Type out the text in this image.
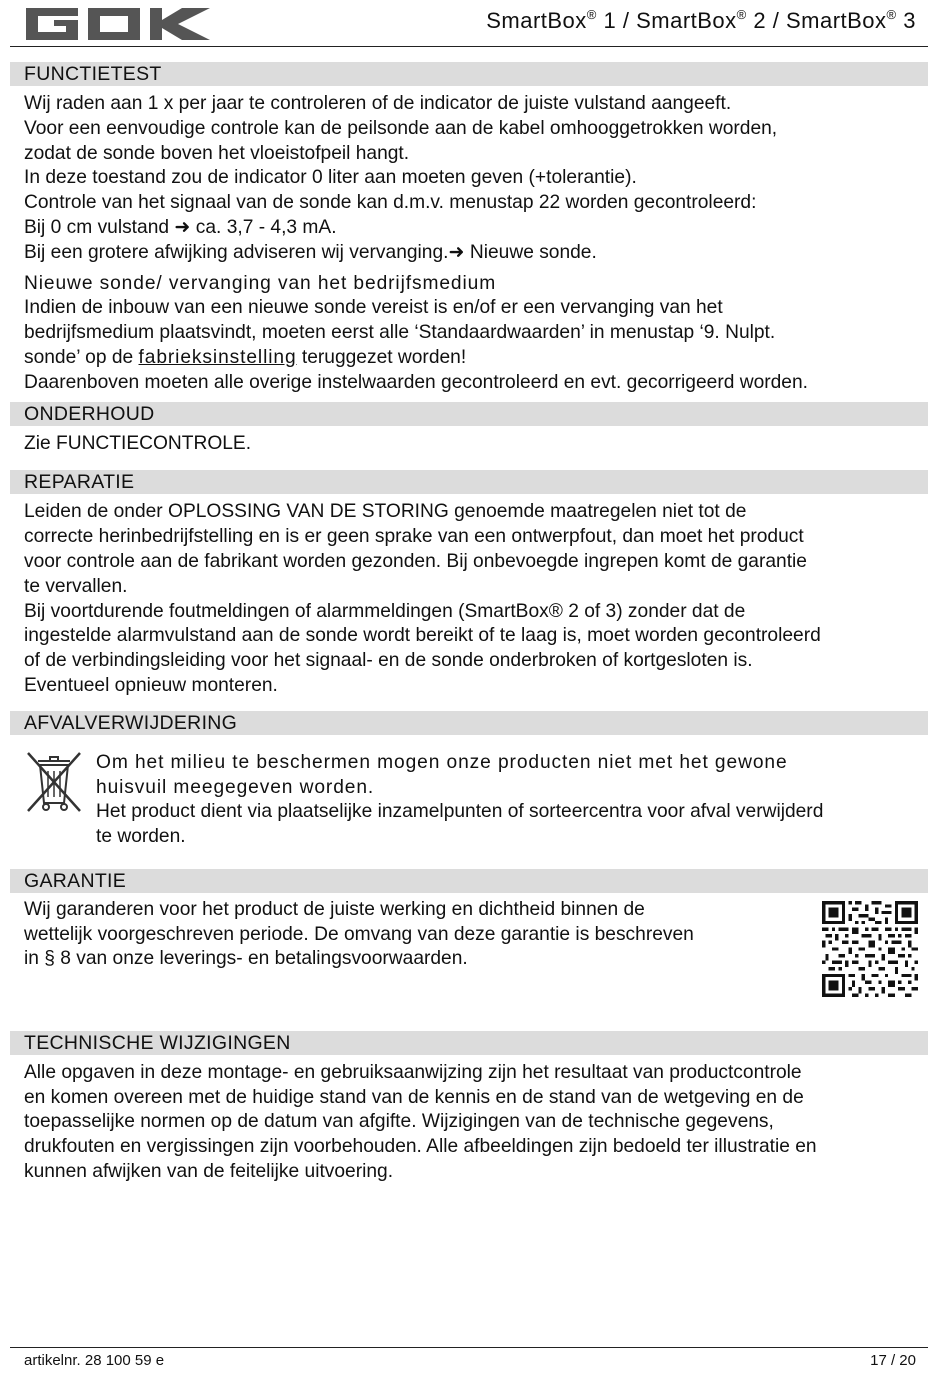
SmartBox® 1 / SmartBox® 2 / SmartBox® 3
FUNCTIETEST
Wij raden aan 1 x per jaar te controleren of de indicator de juiste vulstand aangeeft.
Voor een eenvoudige controle kan de peilsonde aan de kabel omhooggetrokken worden,
zodat de sonde boven het vloeistofpeil hangt.
In deze toestand zou de indicator 0 liter aan moeten geven (+tolerantie).
Controle van het signaal van de sonde kan d.m.v. menustap 22 worden gecontroleerd:
Bij 0 cm vulstand ➜ ca. 3,7 - 4,3 mA.
Bij een grotere afwijking adviseren wij vervanging.➜ Nieuwe sonde.
Nieuwe sonde/ vervanging van het bedrijfsmedium
Indien de inbouw van een nieuwe sonde vereist is en/of er een vervanging van het
bedrijfsmedium plaatsvindt, moeten eerst alle ‘Standaardwaarden’ in menustap ‘9. Nulpt.
sonde’ op de fabrieksinstelling teruggezet worden!
Daarenboven moeten alle overige instelwaarden gecontroleerd en evt. gecorrigeerd worden.
ONDERHOUD
Zie FUNCTIECONTROLE.
REPARATIE
Leiden de onder OPLOSSING VAN DE STORING genoemde maatregelen niet tot de
correcte herinbedrijfstelling en is er geen sprake van een ontwerpfout, dan moet het product
voor controle aan de fabrikant worden gezonden. Bij onbevoegde ingrepen komt de garantie
te vervallen.
Bij voortdurende foutmeldingen of alarmmeldingen (SmartBox® 2 of 3) zonder dat de
ingestelde alarmvulstand aan de sonde wordt bereikt of te laag is, moet worden gecontroleerd
of de verbindingsleiding voor het signaal- en de sonde onderbroken of kortgesloten is.
Eventueel opnieuw monteren.
AFVALVERWIJDERING
Om het milieu te beschermen mogen onze producten niet met het gewone
huisvuil meegegeven worden.
Het product dient via plaatselijke inzamelpunten of sorteercentra voor afval verwijderd
te worden.
GARANTIE
Wij garanderen voor het product de juiste werking en dichtheid binnen de
wettelijk voorgeschreven periode. De omvang van deze garantie is beschreven
in § 8 van onze leverings- en betalingsvoorwaarden.
TECHNISCHE WIJZIGINGEN
Alle opgaven in deze montage- en gebruiksaanwijzing zijn het resultaat van productcontrole
en komen overeen met de huidige stand van de kennis en de stand van de wetgeving en de
toepasselijke normen op de datum van afgifte. Wijzigingen van de technische gegevens,
drukfouten en vergissingen zijn voorbehouden. Alle afbeeldingen zijn bedoeld ter illustratie en
kunnen afwijken van de feitelijke uitvoering.
artikelnr. 28 100 59 e	17 / 20
